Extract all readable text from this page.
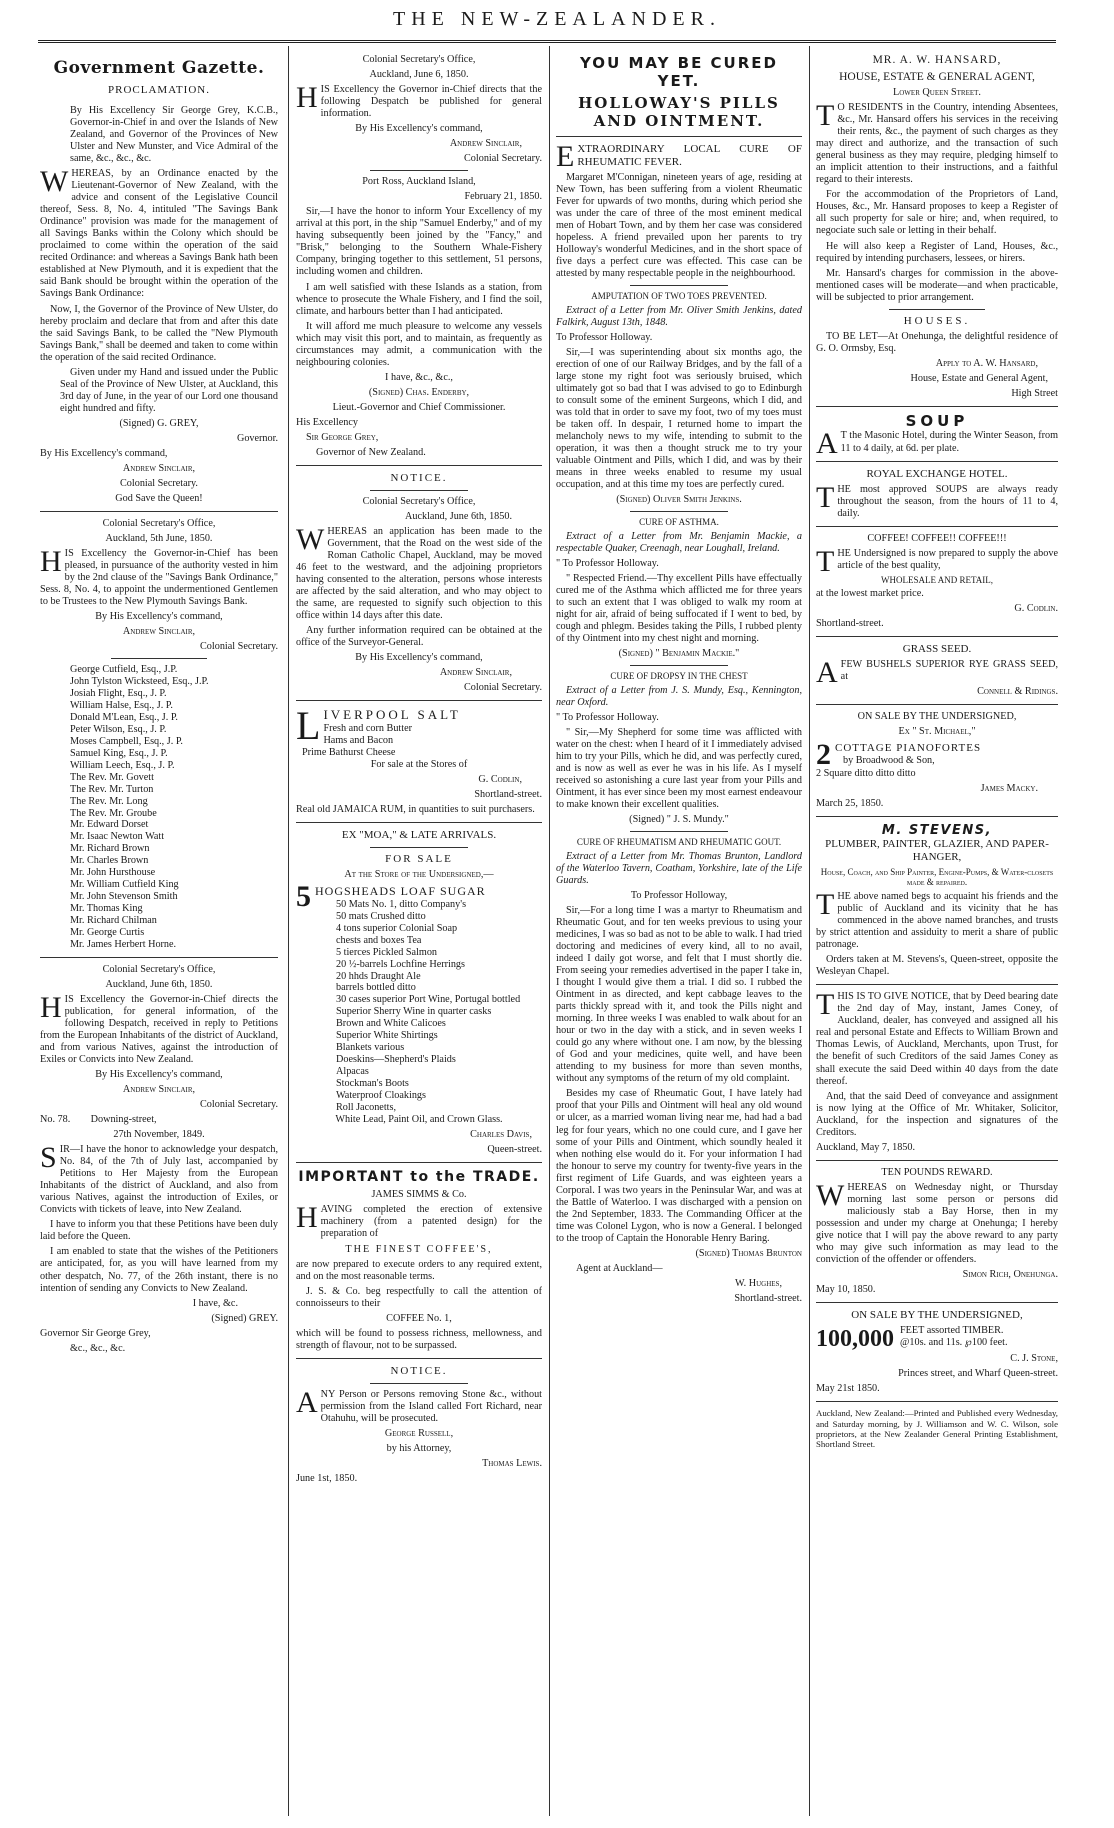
THE NEW-ZEALANDER.
Government Gazette.

PROCLAMATION.

By His Excellency Sir George Grey, K.C.B., Governor-in-Chief in and over the Islands of New Zealand, and Governor of the Provinces of New Ulster and New Munster, and Vice Admiral of the same, &c., &c., &c.

WHEREAS, by an Ordinance enacted by the Lieutenant-Governor of New Zealand, with the advice and consent of the Legislative Council thereof, Sess. 8, No. 4, intituled "The Savings Bank Ordinance" provision was made for the management of all Savings Banks within the Colony which should be proclaimed to come within the operation of the said recited Ordinance: and whereas a Savings Bank hath been established at New Plymouth, and it is expedient that the said Bank should be brought within the operation of the Savings Bank Ordinance:

Now, I, the Governor of the Province of New Ulster, do hereby proclaim and declare that from and after this date the said Savings Bank, to be called the "New Plymouth Savings Bank," shall be deemed and taken to come within the operation of the said recited Ordinance.

Given under my Hand and issued under the Public Seal of the Province of New Ulster, at Auckland, this 3rd day of June, in the year of our Lord one thousand eight hundred and fifty.

(Signed) G. GREY,

Governor.

By His Excellency's command,

Andrew Sinclair,

Colonial Secretary.

God Save the Queen!

Colonial Secretary's Office,

Auckland, 5th June, 1850.

HIS Excellency the Governor-in-Chief has been pleased, in pursuance of the authority vested in him by the 2nd clause of the "Savings Bank Ordinance," Sess. 8, No. 4, to appoint the undermentioned Gentlemen to be Trustees to the New Plymouth Savings Bank.

By His Excellency's command,

Andrew Sinclair,

Colonial Secretary.

George Cutfield, Esq., J.P.
John Tylston Wicksteed, Esq., J.P.
Josiah Flight, Esq., J. P.
William Halse, Esq., J. P.
Donald M'Lean, Esq., J. P.
Peter Wilson, Esq., J. P.
Moses Campbell, Esq., J. P.
Samuel King, Esq., J. P.
William Leech, Esq., J. P.
The Rev. Mr. Govett
The Rev. Mr. Turton
The Rev. Mr. Long
The Rev. Mr. Groube
Mr. Edward Dorset
Mr. Isaac Newton Watt
Mr. Richard Brown
Mr. Charles Brown
Mr. John Hursthouse
Mr. William Cutfield King
Mr. John Stevenson Smith
Mr. Thomas King
Mr. Richard Chilman
Mr. George Curtis
Mr. James Herbert Horne.

Colonial Secretary's Office,

Auckland, June 6th, 1850.

HIS Excellency the Governor-in-Chief directs the publication, for general information, of the following Despatch, received in reply to Petitions from the European Inhabitants of the district of Auckland, and from various Natives, against the introduction of Exiles or Convicts into New Zealand.

By His Excellency's command,

Andrew Sinclair,

Colonial Secretary.

No. 78. Downing-street,

27th November, 1849.

SIR—I have the honor to acknowledge your despatch, No. 84, of the 7th of July last, accompanied by Petitions to Her Majesty from the European Inhabitants of the district of Auckland, and also from various Natives, against the introduction of Exiles, or Convicts with tickets of leave, into New Zealand.

I have to inform you that these Petitions have been duly laid before the Queen.

I am enabled to state that the wishes of the Petitioners are anticipated, for, as you will have learned from my other despatch, No. 77, of the 26th instant, there is no intention of sending any Convicts to New Zealand.

I have, &c.

(Signed) GREY.

Governor Sir George Grey,

&c., &c., &c.

Colonial Secretary's Office,

Auckland, June 6, 1850.

HIS Excellency the Governor in-Chief directs that the following Despatch be published for general information.

By His Excellency's command,

Andrew Sinclair,

Colonial Secretary.

Port Ross, Auckland Island,

February 21, 1850.

Sir,—I have the honor to inform Your Excellency of my arrival at this port, in the ship "Samuel Enderby," and of my having subsequently been joined by the "Fancy," and "Brisk," belonging to the Southern Whale-Fishery Company, bringing together to this settlement, 51 persons, including women and children.

I am well satisfied with these Islands as a station, from whence to prosecute the Whale Fishery, and I find the soil, climate, and harbours better than I had anticipated.

It will afford me much pleasure to welcome any vessels which may visit this port, and to maintain, as frequently as circumstances may admit, a communication with the neighbouring colonies.

I have, &c., &c.,

(Signed) Chas. Enderby,

Lieut.-Governor and Chief Commissioner.

His Excellency

Sir George Grey,

Governor of New Zealand.

NOTICE.

Colonial Secretary's Office,

Auckland, June 6th, 1850.

WHEREAS an application has been made to the Government, that the Road on the west side of the Roman Catholic Chapel, Auckland, may be moved 46 feet to the westward, and the adjoining proprietors having consented to the alteration, persons whose interests are affected by the said alteration, and who may object to the same, are requested to signify such objection to this office within 14 days after this date.

Any further information required can be obtained at the office of the Surveyor-General.

By His Excellency's command,

Andrew Sinclair,

Colonial Secretary.

L IVERPOOL SALT
Fresh and corn Butter
Hams and Bacon
Prime Bathurst Cheese

For sale at the Stores of

G. Codlin,

Shortland-street.

Real old JAMAICA RUM, in quantities to suit purchasers.

EX "MOA," & LATE ARRIVALS.

FOR SALE

At the Store of the Undersigned,—

5 HOGSHEADS LOAF SUGAR
50 Mats No. 1, ditto Company's
50 mats Crushed ditto
4 tons superior Colonial Soap
chests and boxes Tea
5 tierces Pickled Salmon
20 ½-barrels Lochfine Herrings
20 hhds Draught Ale
barrels bottled ditto
30 cases superior Port Wine, Portugal bottled
Superior Sherry Wine in quarter casks
Brown and White Calicoes
Superior White Shirtings
Blankets various
Doeskins—Shepherd's Plaids
Alpacas
Stockman's Boots
Waterproof Cloakings
Roll Jaconetts,

White Lead, Paint Oil, and Crown Glass.

Charles Davis,

Queen-street.

IMPORTANT to the TRADE.

JAMES SIMMS & Co.

HAVING completed the erection of extensive machinery (from a patented design) for the preparation of

THE FINEST COFFEE'S,

are now prepared to execute orders to any required extent, and on the most reasonable terms.

J. S. & Co. beg respectfully to call the attention of connoisseurs to their

COFFEE No. 1,

which will be found to possess richness, mellowness, and strength of flavour, not to be surpassed.

NOTICE.

ANY Person or Persons removing Stone &c., without permission from the Island called Fort Richard, near Otahuhu, will be prosecuted.

George Russell,

by his Attorney,

Thomas Lewis.

June 1st, 1850.

YOU MAY BE CURED YET.
HOLLOWAY'S PILLS AND OINTMENT.

EXTRAORDINARY LOCAL CURE OF RHEUMATIC FEVER.

Margaret M'Connigan, nineteen years of age, residing at New Town, has been suffering from a violent Rheumatic Fever for upwards of two months, during which period she was under the care of three of the most eminent medical men of Hobart Town, and by them her case was considered hopeless. A friend prevailed upon her parents to try Holloway's wonderful Medicines, and in the short space of five days a perfect cure was effected. This case can be attested by many respectable people in the neighbourhood.

AMPUTATION OF TWO TOES PREVENTED.

Extract of a Letter from Mr. Oliver Smith Jenkins, dated Falkirk, August 13th, 1848.

To Professor Holloway.

Sir,—I was superintending about six months ago, the erection of one of our Railway Bridges, and by the fall of a large stone my right foot was seriously bruised, which ultimately got so bad that I was advised to go to Edinburgh to consult some of the eminent Surgeons, which I did, and was told that in order to save my foot, two of my toes must be taken off. In despair, I returned home to impart the melancholy news to my wife, intending to submit to the operation, it was then a thought struck me to try your valuable Ointment and Pills, which I did, and was by their means in three weeks enabled to resume my usual occupation, and at this time my toes are perfectly cured.

(Signed) Oliver Smith Jenkins.

CURE OF ASTHMA.

Extract of a Letter from Mr. Benjamin Mackie, a respectable Quaker, Creenagh, near Loughall, Ireland.

" To Professor Holloway.

" Respected Friend.—Thy excellent Pills have effectually cured me of the Asthma which afflicted me for three years to such an extent that I was obliged to walk my room at night for air, afraid of being suffocated if I went to bed, by cough and phlegm. Besides taking the Pills, I rubbed plenty of thy Ointment into my chest night and morning.

(Signed) " Benjamin Mackie."

CURE OF DROPSY IN THE CHEST

Extract of a Letter from J. S. Mundy, Esq., Kennington, near Oxford.

" To Professor Holloway.

" Sir,—My Shepherd for some time was afflicted with water on the chest: when I heard of it I immediately advised him to try your Pills, which he did, and was perfectly cured, and is now as well as ever he was in his life. As I myself received so astonishing a cure last year from your Pills and Ointment, it has ever since been my most earnest endeavour to make known their excellent qualities.

(Signed) " J. S. Mundy."

CURE OF RHEUMATISM AND RHEUMATIC GOUT.

Extract of a Letter from Mr. Thomas Brunton, Landlord of the Waterloo Tavern, Coatham, Yorkshire, late of the Life Guards.

To Professor Holloway,

Sir,—For a long time I was a martyr to Rheumatism and Rheumatic Gout, and for ten weeks previous to using your medicines, I was so bad as not to be able to walk. I had tried doctoring and medicines of every kind, all to no avail, indeed I daily got worse, and felt that I must shortly die. From seeing your remedies advertised in the paper I take in, I thought I would give them a trial. I did so. I rubbed the Ointment in as directed, and kept cabbage leaves to the parts thickly spread with it, and took the Pills night and morning. In three weeks I was enabled to walk about for an hour or two in the day with a stick, and in seven weeks I could go any where without one. I am now, by the blessing of God and your medicines, quite well, and have been attending to my business for more than seven months, without any symptoms of the return of my old complaint.

Besides my case of Rheumatic Gout, I have lately had proof that your Pills and Ointment will heal any old wound or ulcer, as a married woman living near me, had had a bad leg for four years, which no one could cure, and I gave her some of your Pills and Ointment, which soundly healed it when nothing else would do it. For your information I had the honour to serve my country for twenty-five years in the first regiment of Life Guards, and was eighteen years a Corporal. I was two years in the Peninsular War, and was at the Battle of Waterloo. I was discharged with a pension on the 2nd September, 1833. The Commanding Officer at the time was Colonel Lygon, who is now a General. I belonged to the troop of Captain the Honorable Henry Baring.

(Signed) Thomas Brunton

Agent at Auckland—

W. Hughes,

Shortland-street.

MR. A. W. HANSARD,

HOUSE, ESTATE & GENERAL AGENT,

Lower Queen Street.

T O RESIDENTS in the Country, intending Absentees, &c., Mr. Hansard offers his services in the receiving their rents, &c., the payment of such charges as they may direct and authorize, and the transaction of such general business as they may require, pledging himself to an implicit attention to their instructions, and a faithful regard to their interests.

For the accommodation of the Proprietors of Land, Houses, &c., Mr. Hansard proposes to keep a Register of all such property for sale or hire; and, when required, to negociate such sale or letting in their behalf.

He will also keep a Register of Land, Houses, &c., required by intending purchasers, lessees, or hirers.

Mr. Hansard's charges for commission in the above-mentioned cases will be moderate—and when practicable, will be subjected to prior arrangement.

HOUSES.

TO BE LET—At Onehunga, the delightful residence of G. O. Ormsby, Esq.

Apply to A. W. Hansard,

House, Estate and General Agent,

High Street

SOUP

A T the Masonic Hotel, during the Winter Season, from 11 to 4 daily, at 6d. per plate.

ROYAL EXCHANGE HOTEL.

THE most approved SOUPS are always ready throughout the season, from the hours of 11 to 4, daily.

COFFEE! COFFEE!! COFFEE!!!

THE Undersigned is now prepared to supply the above article of the best quality,

WHOLESALE AND RETAIL,

at the lowest market price.

G. Codlin.

Shortland-street.

GRASS SEED.

AFEW BUSHELS SUPERIOR RYE GRASS SEED, at

Connell & Ridings.

ON SALE BY THE UNDERSIGNED,

Ex " St. Michael,"

2 COTTAGE PIANOFORTES
by Broadwood & Son,

2 Square ditto ditto ditto

James Macky.

March 25, 1850.

M. STEVENS,

PLUMBER, PAINTER, GLAZIER, AND PAPER-HANGER,

House, Coach, and Ship Painter, Engine-Pumps, & Water-closets made & repaired.

THE above named begs to acquaint his friends and the public of Auckland and its vicinity that he has commenced in the above named branches, and trusts by strict attention and assiduity to merit a share of public patronage.

Orders taken at M. Stevens's, Queen-street, opposite the Wesleyan Chapel.

THIS IS TO GIVE NOTICE, that by Deed bearing date the 2nd day of May, instant, James Coney, of Auckland, dealer, has conveyed and assigned all his real and personal Estate and Effects to William Brown and Thomas Lewis, of Auckland, Merchants, upon Trust, for the benefit of such Creditors of the said James Coney as shall execute the said Deed within 40 days from the date thereof.

And, that the said Deed of conveyance and assignment is now lying at the Office of Mr. Whitaker, Solicitor, Auckland, for the inspection and signatures of the Creditors.

Auckland, May 7, 1850.

TEN POUNDS REWARD.

WHEREAS on Wednesday night, or Thursday morning last some person or persons did maliciously stab a Bay Horse, then in my possession and under my charge at Onehunga; I hereby give notice that I will pay the above reward to any party who may give such information as may lead to the conviction of the offender or offenders.

Simon Rich, Onehunga.

May 10, 1850.

ON SALE BY THE UNDERSIGNED,

100,000 FEET assorted TIMBER.
@10s. and 11s. ℘100 feet.

C. J. Stone,

Princes street, and Wharf Queen-street.

May 21st 1850.

Auckland, New Zealand:—Printed and Published every Wednesday, and Saturday morning, by J. Williamson and W. C. Wilson, sole proprietors, at the New Zealander General Printing Establishment, Shortland Street.
